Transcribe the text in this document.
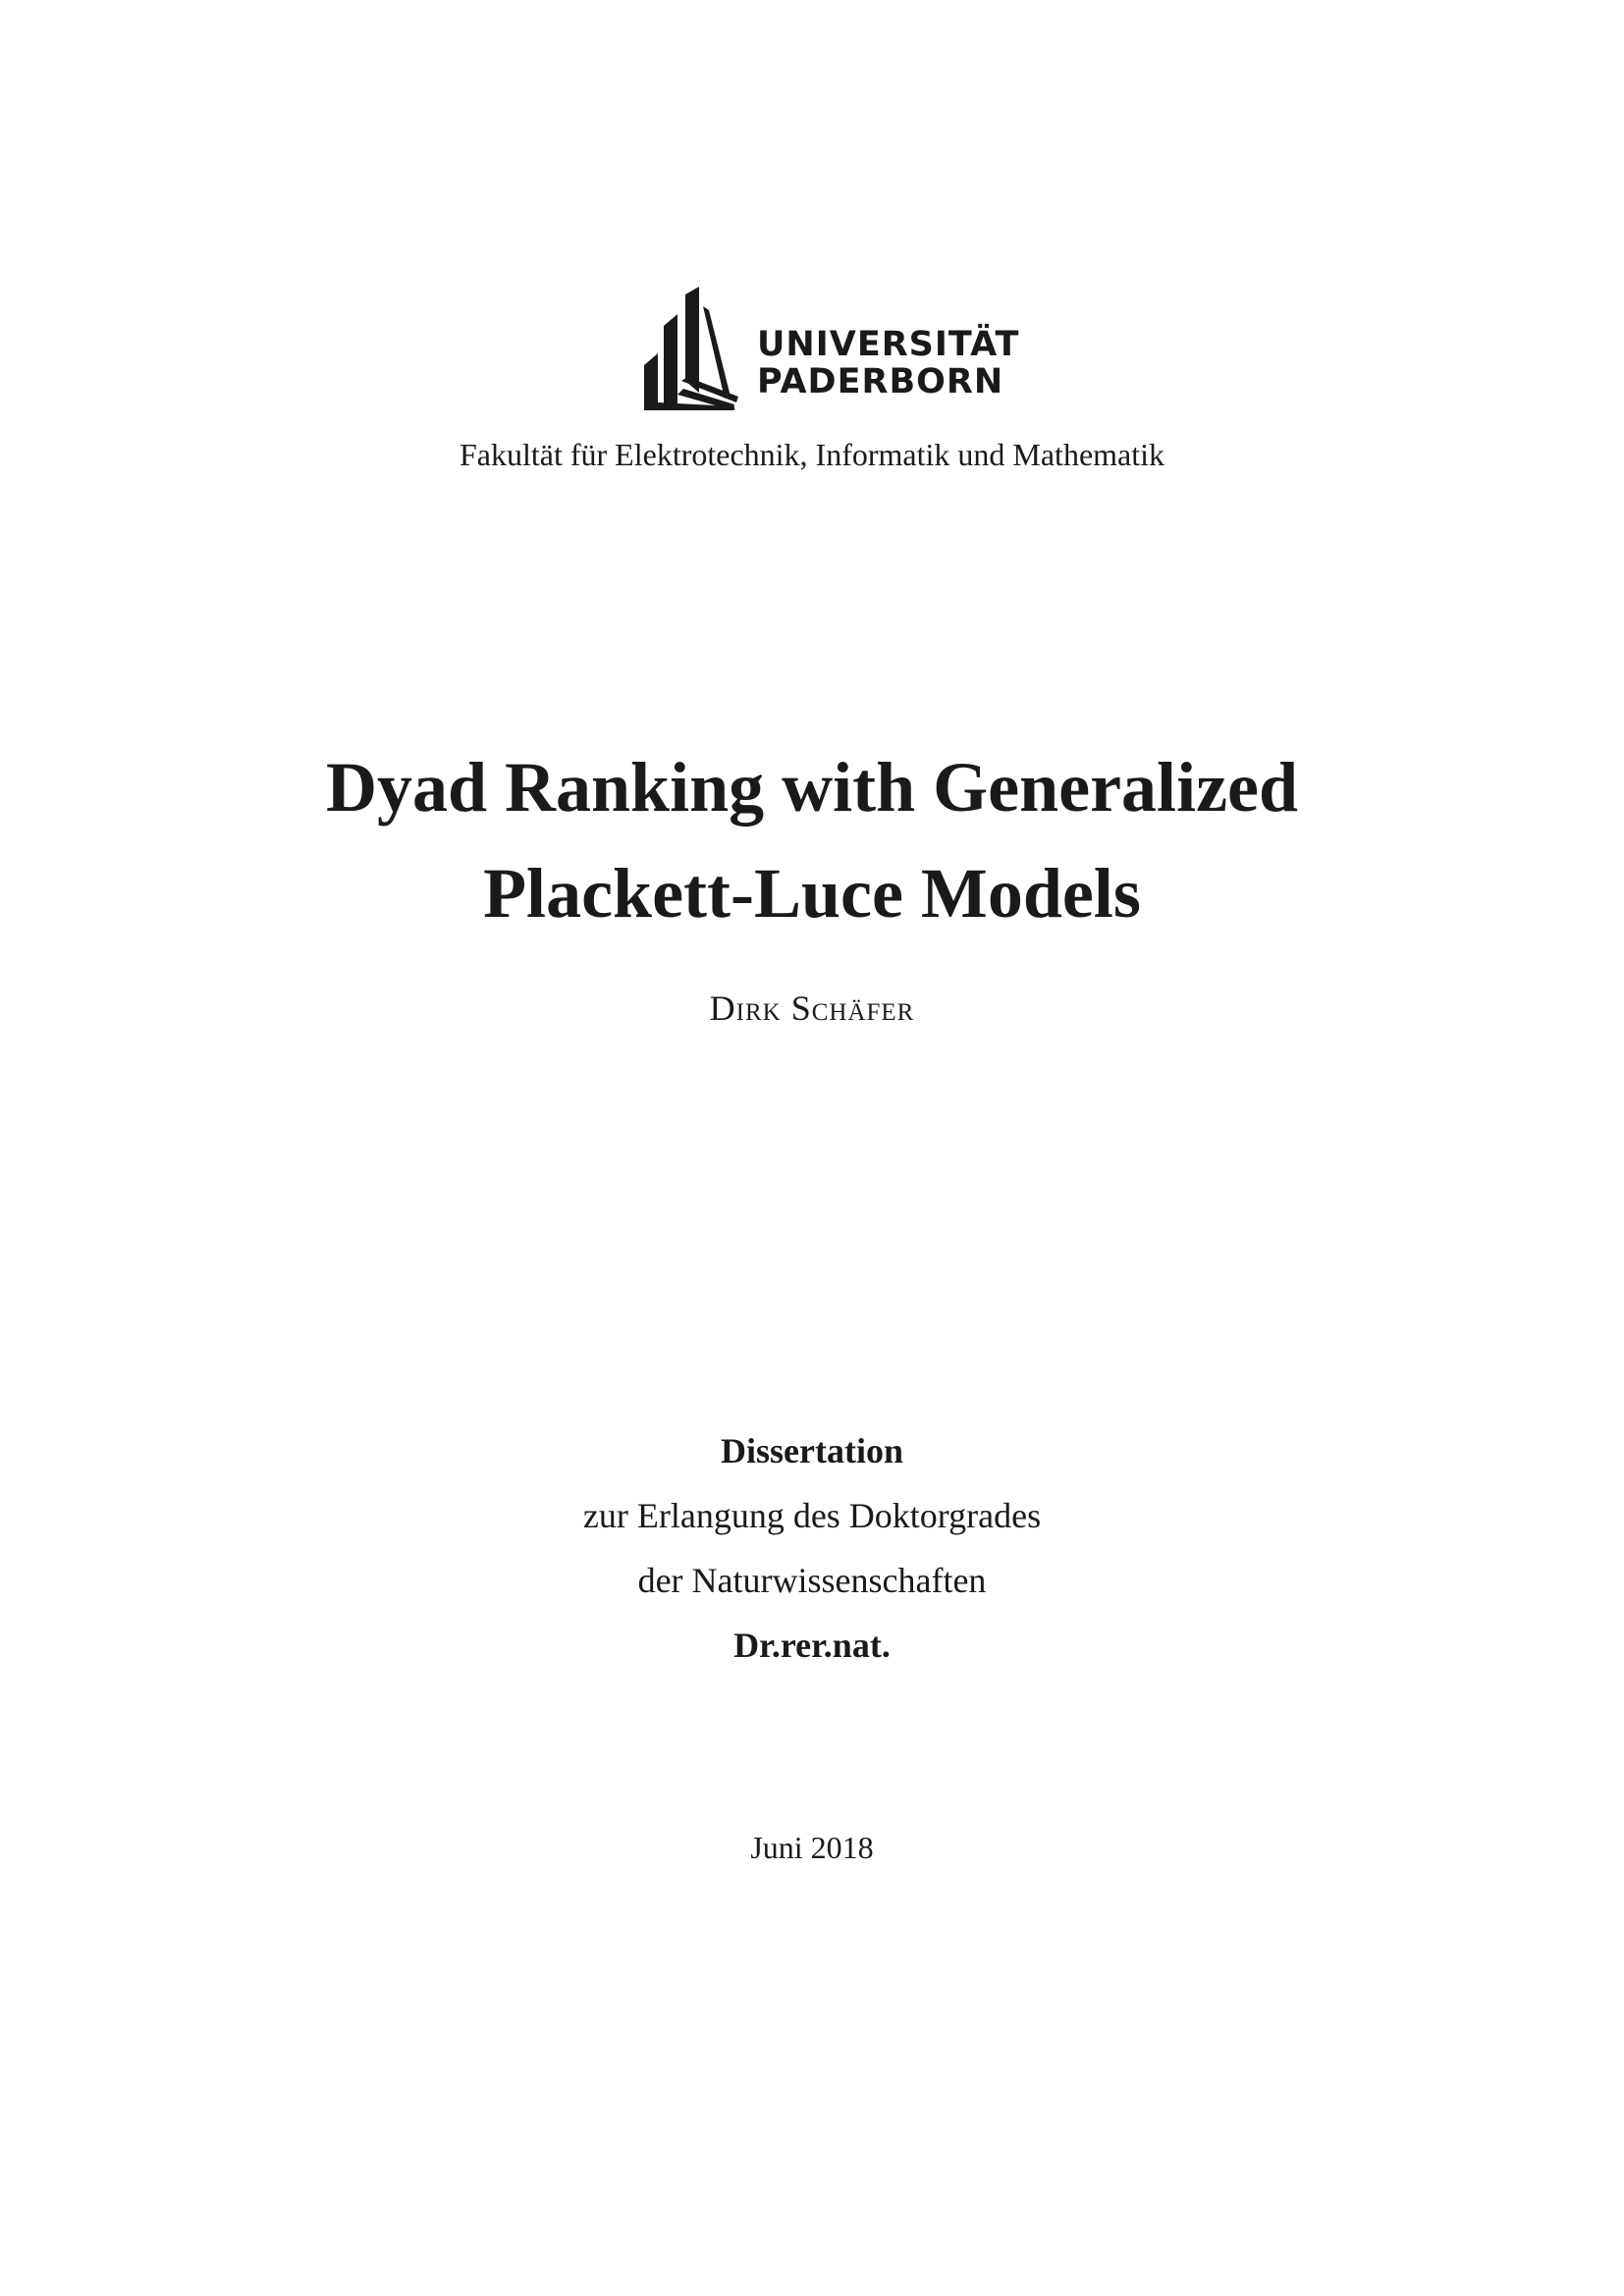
UNIVERSITÄT
PADERBORN
Fakultät für Elektrotechnik, Informatik und Mathematik
Dyad Ranking with Generalized
Plackett-Luce Models
Dirk Schäfer
Dissertation
zur Erlangung des Doktorgrades
der Naturwissenschaften
Dr.rer.nat.
Juni 2018
